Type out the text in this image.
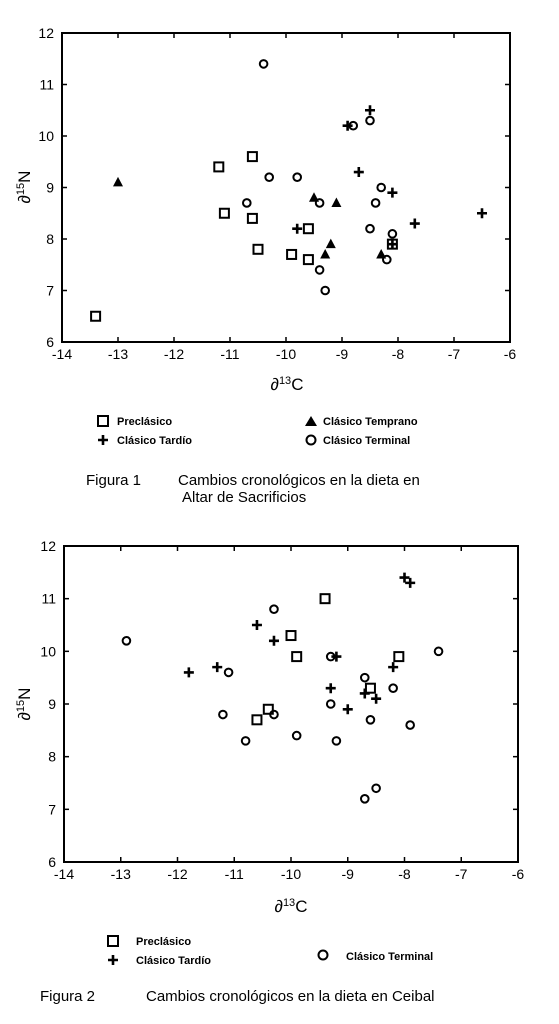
-14	-13	-12	-11	-10	-9	-8	-7	-6
6
7
8
9
10
11
12
∂$^{15}$N
∂$^{13}$C
Preclásico	Clásico Temprano
Clásico Tardío	Clásico Terminal
Figura 1 Cambios cronológicos en la dieta en
Altar de Sacrificios
-14	-13	-12	-11	-10	-9	-8	-7	-6
6
7
8
9
10
11
12
∂$^{15}$N
∂$^{13}$C
Preclásico
Clásico Tardío	Clásico Terminal
Figura 2	Cambios cronológicos en la dieta en Ceibal
